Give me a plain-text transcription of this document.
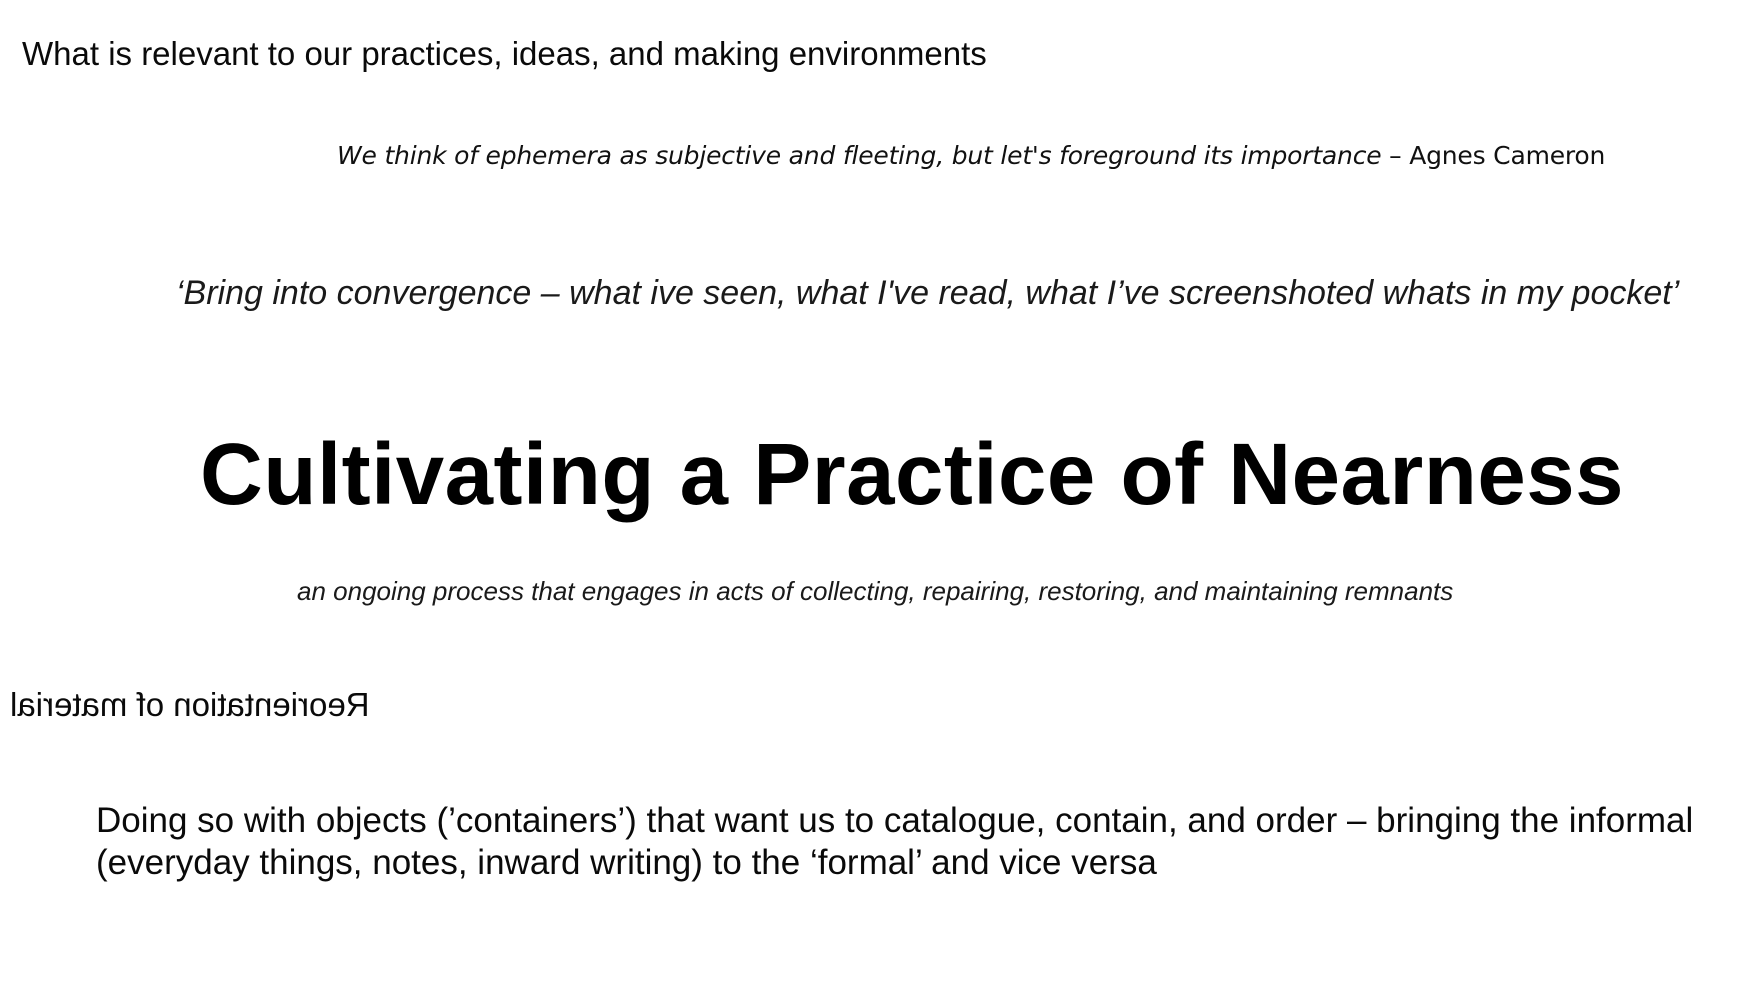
What is relevant to our practices, ideas, and making environments
We think of ephemera as subjective and fleeting, but let's foreground its importance – Agnes Cameron
‘Bring into convergence – what ive seen, what I've read, what I’ve screenshoted whats in my pocket’
Cultivating a Practice of Nearness
an ongoing process that engages in acts of collecting, repairing, restoring, and maintaining remnants
Reorientation of material
Doing so with objects (’containers’) that want us to catalogue, contain, and order – bringing the informal
(everyday things, notes, inward writing) to the ‘formal’ and vice versa
